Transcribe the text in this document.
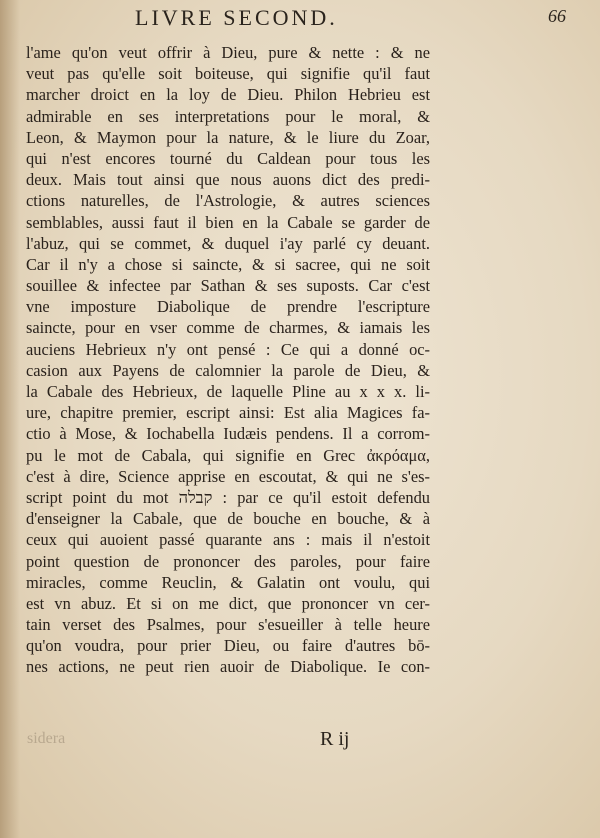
LIVRE SECOND.	66
l'ame qu'on veut offrir à Dieu, pure & nette : & ne
veut pas qu'elle soit boiteuse, qui signifie qu'il faut
marcher droict en la loy de Dieu. Philon Hebrieu est
admirable en ses interpretations pour le moral, &
Leon, & Maymon pour la nature, & le liure du Zoar,
qui n'est encores tourné du Caldean pour tous les
deux. Mais tout ainsi que nous auons dict des predi-
ctions naturelles, de l'Astrologie, & autres sciences
semblables, aussi faut il bien en la Cabale se garder de
l'abuz, qui se commet, & duquel i'ay parlé cy deuant.
Car il n'y a chose si saincte, & si sacree, qui ne soit
souillee & infectee par Sathan & ses suposts. Car c'est
vne imposture Diabolique de prendre l'escripture
saincte, pour en vser comme de charmes, & iamais les
auciens Hebrieux n'y ont pensé : Ce qui a donné oc-
casion aux Payens de calomnier la parole de Dieu, &
la Cabale des Hebrieux, de laquelle Pline au x x x. li-
ure, chapitre premier, escript ainsi: Est alia Magices fa-
ctio à Mose, & Iochabella Iudæis pendens. Il a corrom-
pu le mot de Cabala, qui signifie en Grec ἀκρόαμα,
c'est à dire, Science apprise en escoutat, & qui ne s'es-
script point du mot קבלה : par ce qu'il estoit defendu
d'enseigner la Cabale, que de bouche en bouche, & à
ceux qui auoient passé quarante ans : mais il n'estoit
point question de prononcer des paroles, pour faire
miracles, comme Reuclin, & Galatin ont voulu, qui
est vn abuz. Et si on me dict, que prononcer vn cer-
tain verset des Psalmes, pour s'esueiller à telle heure
qu'on voudra, pour prier Dieu, ou faire d'autres bō-
nes actions, ne peut rien auoir de Diabolique. Ie con-
sidera	R ij
